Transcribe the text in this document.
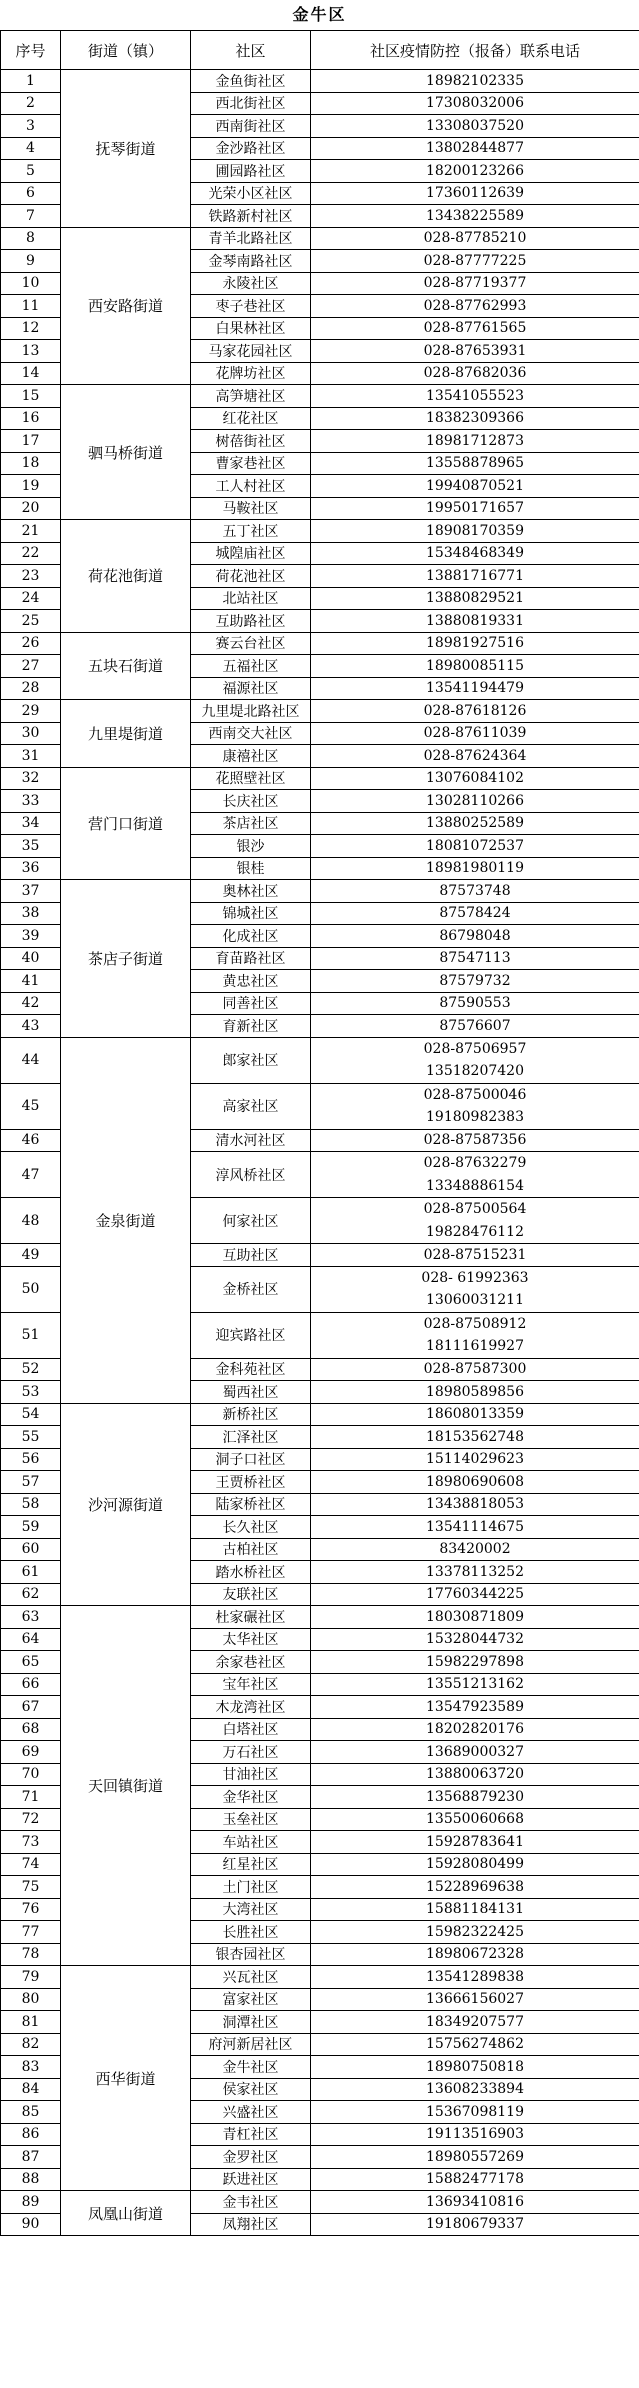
金牛区
序号	街道（镇）	社区	社区疫情防控（报备）联系电话
1	抚琴街道	金鱼街社区	18982102335

2		西北街社区	17308032006

3		西南街社区	13308037520

4		金沙路社区	13802844877

5		圃园路社区	18200123266

6		光荣小区社区	17360112639

7		铁路新村社区	13438225589

8	西安路街道	青羊北路社区	028-87785210

9		金琴南路社区	028-87777225

10		永陵社区	028-87719377

11		枣子巷社区	028-87762993

12		白果林社区	028-87761565

13		马家花园社区	028-87653931

14		花牌坊社区	028-87682036

15	驷马桥街道	高笋塘社区	13541055523

16		红花社区	18382309366

17		树蓓街社区	18981712873

18		曹家巷社区	13558878965

19		工人村社区	19940870521

20		马鞍社区	19950171657

21	荷花池街道	五丁社区	18908170359

22		城隍庙社区	15348468349

23		荷花池社区	13881716771

24		北站社区	13880829521

25		互助路社区	13880819331

26	五块石街道	赛云台社区	18981927516

27		五福社区	18980085115

28		福源社区	13541194479

29	九里堤街道	九里堤北路社区	028-87618126

30		西南交大社区	028-87611039

31		康禧社区	028-87624364

32	营门口街道	花照壁社区	13076084102

33		长庆社区	13028110266

34		茶店社区	13880252589

35		银沙	18081072537

36		银桂	18981980119

37	茶店子街道	奥林社区	87573748

38		锦城社区	87578424

39		化成社区	86798048

40		育苗路社区	87547113

41		黄忠社区	87579732

42		同善社区	87590553

43		育新社区	87576607

44	金泉街道	郎家社区	028-87506957
13518207420

45		高家社区	028-87500046
19180982383

46		清水河社区	028-87587356

47		淳风桥社区	028-87632279
13348886154

48		何家社区	028-87500564
19828476112

49		互助社区	028-87515231

50		金桥社区	028- 61992363
13060031211

51		迎宾路社区	028-87508912
18111619927

52		金科苑社区	028-87587300

53		蜀西社区	18980589856

54	沙河源街道	新桥社区	18608013359

55		汇泽社区	18153562748

56		洞子口社区	15114029623

57		王贾桥社区	18980690608

58		陆家桥社区	13438818053

59		长久社区	13541114675

60		古柏社区	83420002

61		踏水桥社区	13378113252

62		友联社区	17760344225

63	天回镇街道	杜家碾社区	18030871809

64		太华社区	15328044732

65		余家巷社区	15982297898

66		宝年社区	13551213162

67		木龙湾社区	13547923589

68		白塔社区	18202820176

69		万石社区	13689000327

70		甘油社区	13880063720

71		金华社区	13568879230

72		玉垒社区	13550060668

73		车站社区	15928783641

74		红星社区	15928080499

75		土门社区	15228969638

76		大湾社区	15881184131

77		长胜社区	15982322425

78		银杏园社区	18980672328

79	西华街道	兴瓦社区	13541289838

80		富家社区	13666156027

81		洞潭社区	18349207577

82		府河新居社区	15756274862

83		金牛社区	18980750818

84		侯家社区	13608233894

85		兴盛社区	15367098119

86		青杠社区	19113516903

87		金罗社区	18980557269

88		跃进社区	15882477178

89	凤凰山街道	金韦社区	13693410816

90		凤翔社区	19180679337
